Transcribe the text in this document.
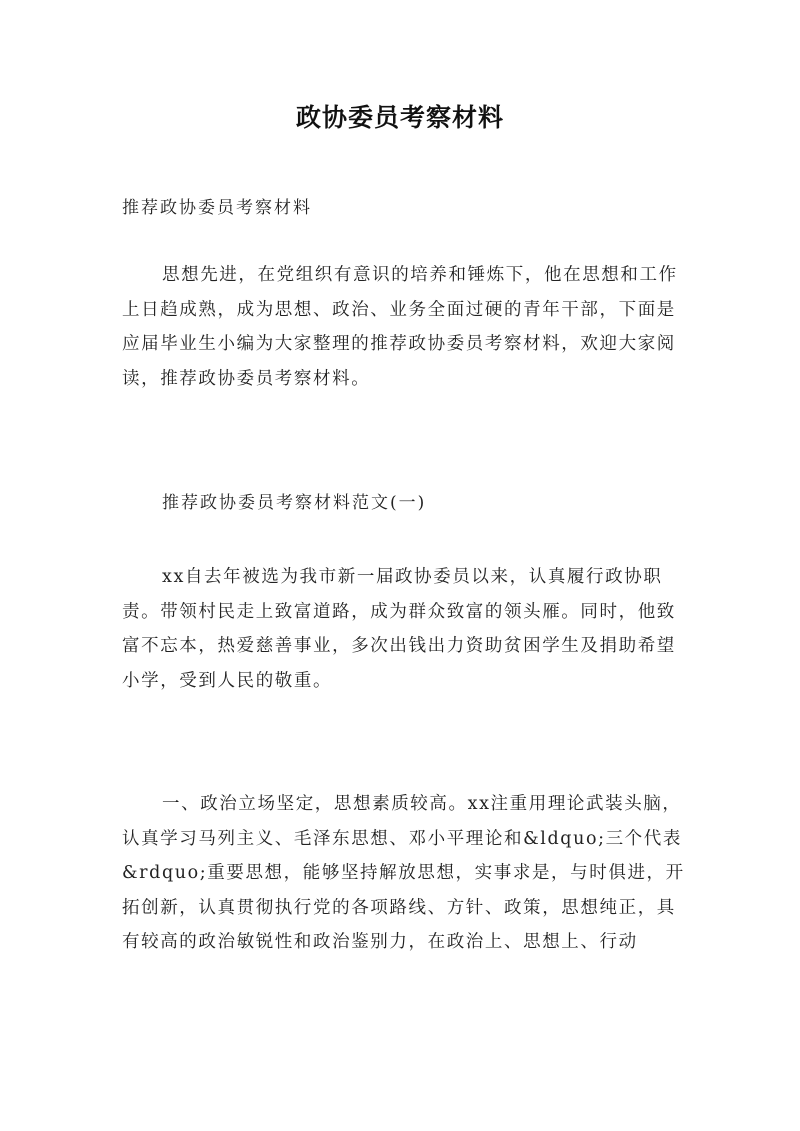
政协委员考察材料

推荐政协委员考察材料

思想先进，在党组织有意识的培养和锤炼下，他在思想和工作上日趋成熟，成为思想、政治、业务全面过硬的青年干部，下面是应届毕业生小编为大家整理的推荐政协委员考察材料，欢迎大家阅读，推荐政协委员考察材料。

推荐政协委员考察材料范文(一)

xx自去年被选为我市新一届政协委员以来，认真履行政协职责。带领村民走上致富道路，成为群众致富的领头雁。同时，他致富不忘本，热爱慈善事业，多次出钱出力资助贫困学生及捐助希望小学，受到人民的敬重。

一、政治立场坚定，思想素质较高。xx注重用理论武装头脑，认真学习马列主义、毛泽东思想、邓小平理论和&ldquo;三个代表&rdquo;重要思想，能够坚持解放思想，实事求是，与时俱进，开拓创新，认真贯彻执行党的各项路线、方针、政策，思想纯正，具有较高的政治敏锐性和政治鉴别力，在政治上、思想上、行动
